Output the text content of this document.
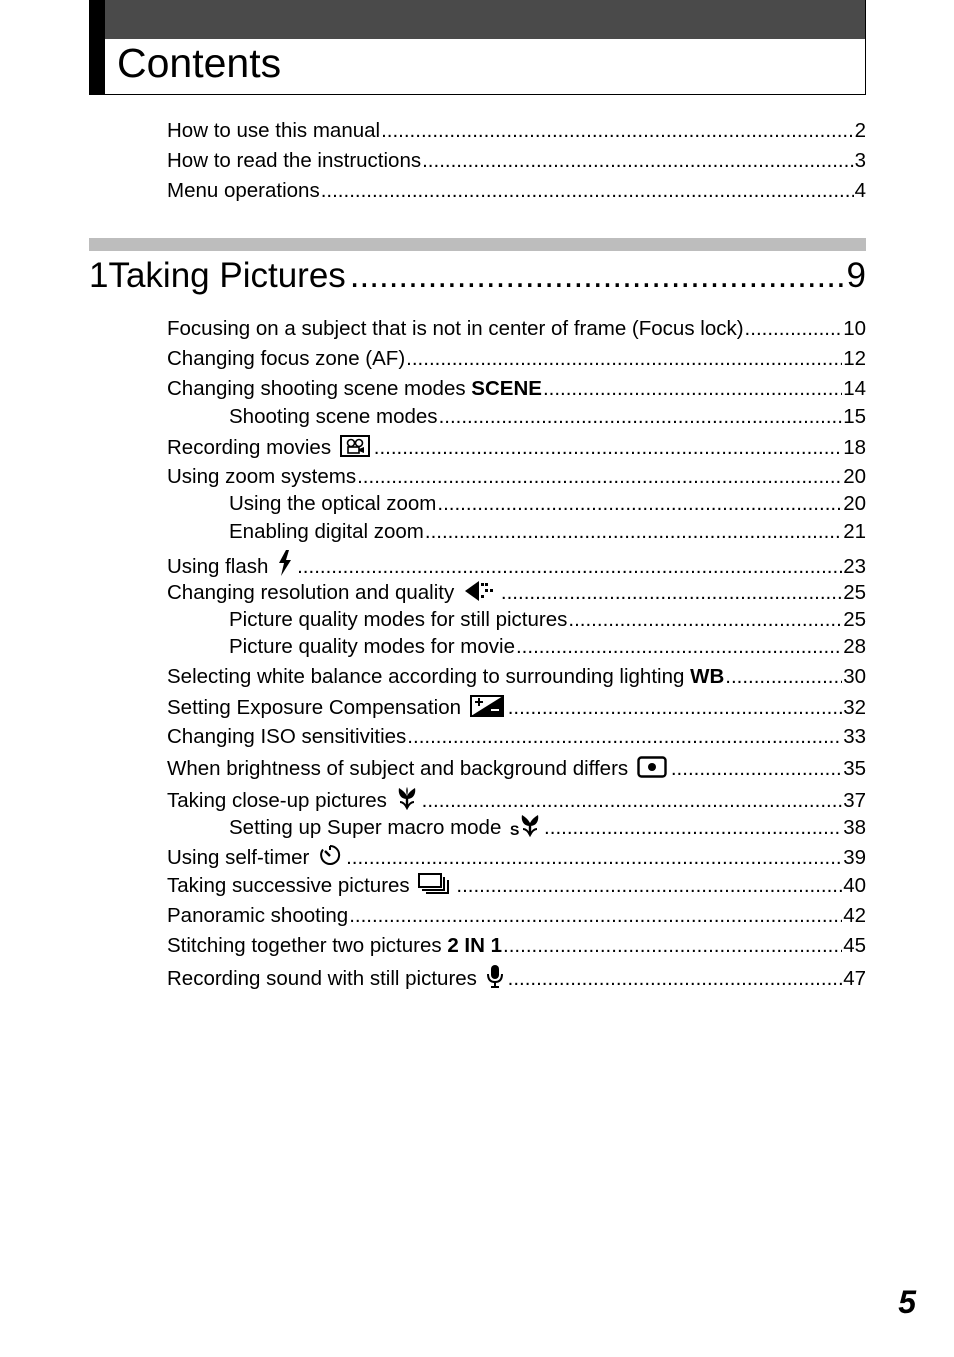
Contents
How to use this manual .....	2
How to read the instructions .....	3
Menu operations .....	4
1 Taking Pictures .....	9
Focusing on a subject that is not in center of frame (Focus lock) .....	10
Changing focus zone (AF) .....	12
Changing shooting scene modes SCENE .....	14
Shooting scene modes .....	15
Recording movies .....	18
Using zoom systems .....	20
Using the optical zoom .....	20
Enabling digital zoom .....	21
Using flash .....	23
Changing resolution and quality .....	25
Picture quality modes for still pictures .....	25
Picture quality modes for movie .....	28
Selecting white balance according to surrounding lighting WB .....	30
Setting Exposure Compensation .....	32
Changing ISO sensitivities .....	33
When brightness of subject and background differs .....	35
Taking close-up pictures .....	37
Setting up Super macro mode S .....	38
Using self-timer .....	39
Taking successive pictures .....	40
Panoramic shooting .....	42
Stitching together two pictures 2 IN 1 .....	45
Recording sound with still pictures .....	47
5
